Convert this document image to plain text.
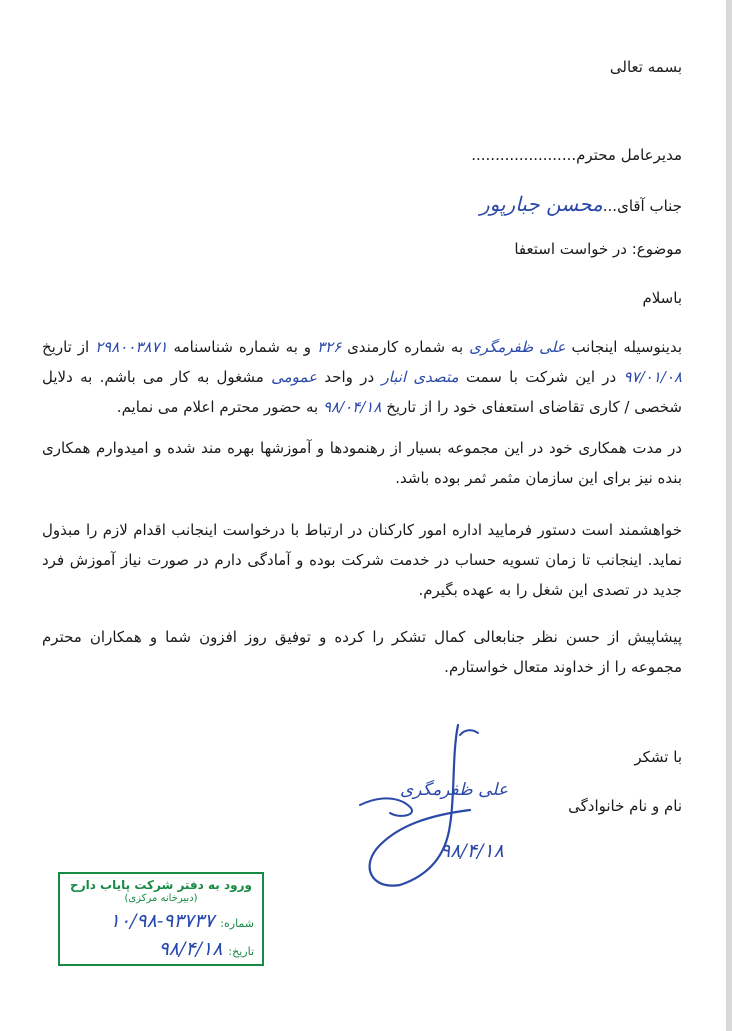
بسمه تعالی
مدیرعامل محترم......................
جناب آقای...محسن جبارپور
موضوع: در خواست استعفا
باسلام
بدینوسیله اینجانب علی ظفرمگری به شماره کارمندی ۳۲۶ و به شماره شناسنامه ۲۹۸۰۰۳۸۷۱ از تاریخ ۹۷/۰۱/۰۸ در این شرکت با سمت متصدی انبار در واحد عمومی مشغول به کار می باشم. به دلایل شخصی / کاری تقاضای استعفای خود را از تاریخ ۹۸/۰۴/۱۸ به حضور محترم اعلام می نمایم.
در مدت همکاری خود در این مجموعه بسیار از رهنمودها و آموزشها بهره مند شده و امیدوارم همکاری بنده نیز برای این سازمان مثمر ثمر بوده باشد.
خواهشمند است دستور فرمایید اداره امور کارکنان در ارتباط با درخواست اینجانب اقدام لازم را مبذول نماید. اینجانب تا زمان تسویه حساب در خدمت شرکت بوده و آمادگی دارم در صورت نیاز آموزش فرد جدید در تصدی این شغل را به عهده بگیرم.
پیشاپیش از حسن نظر جنابعالی کمال تشکر را کرده و توفیق روز افزون شما و همکاران محترم مجموعه را از خداوند متعال خواستارم.
با تشکر
نام و نام خانوادگی
علی ظفرمگری
۹۸/۴/۱۸
ورود به دفتر شرکت پایاب دارح
(دبیرخانه مرکزی)
شماره:
۱۰/۹۸-۹۳۷۳۷
تاریخ:
۹۸/۴/۱۸
